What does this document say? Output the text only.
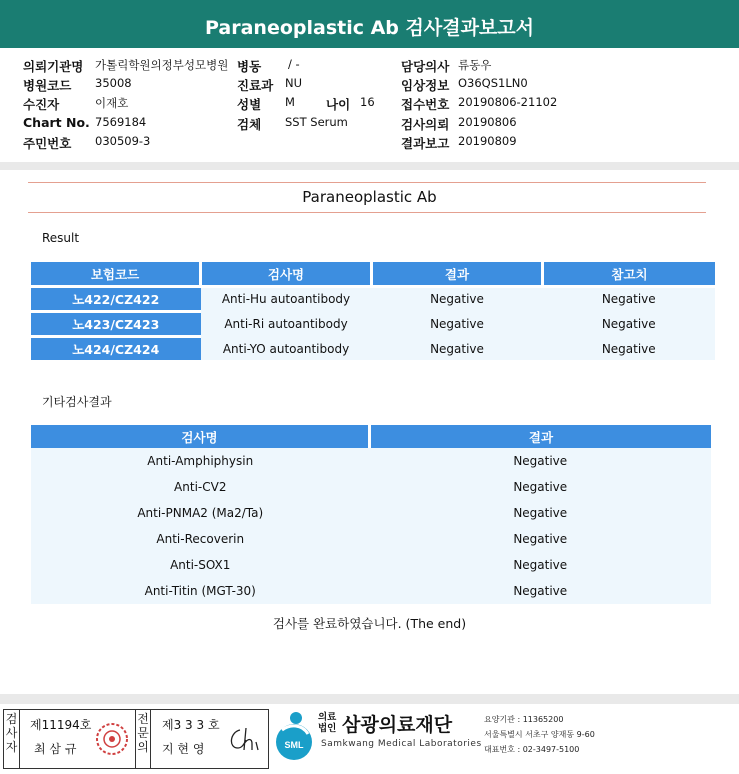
Paraneoplastic Ab 검사결과보고서
의뢰기관명 가톨릭학원의정부성모병원 병동 / -	담당의사 류동우
병원코드 35008	진료과 NU	임상정보 O36QS1LN0
수진자	이재호	성별 M 나이 16 접수번호 20190806-21102
Chart No. 7569184	검체 SST Serum	검사의뢰 20190806
주민번호 030509-3	결과보고 20190809
Paraneoplastic Ab
Result
보험코드	검사명	결과	참고치

노422/CZ422	Anti-Hu autoantibody	Negative	Negative

노423/CZ423	Anti-Ri autoantibody	Negative	Negative

노424/CZ424	Anti-YO autoantibody	Negative	Negative
기타검사결과
검사명	결과
Anti-Amphiphysin	Negative
Anti-CV2	Negative
Anti-PNMA2 (Ma2/Ta)	Negative
Anti-Recoverin	Negative
Anti-SOX1	Negative
Anti-Titin (MGT-30)	Negative
검사를 완료하였습니다. (The end)
검사자
제11194호
최 삼 규
전문의
제3 3 3 호
지 현 영	SML
의료법인 삼광의료재단
Samkwang Medical Laboratories
요양기관 : 11365200
서울특별시 서초구 양재동 9-60
대표번호 : 02-3497-5100
